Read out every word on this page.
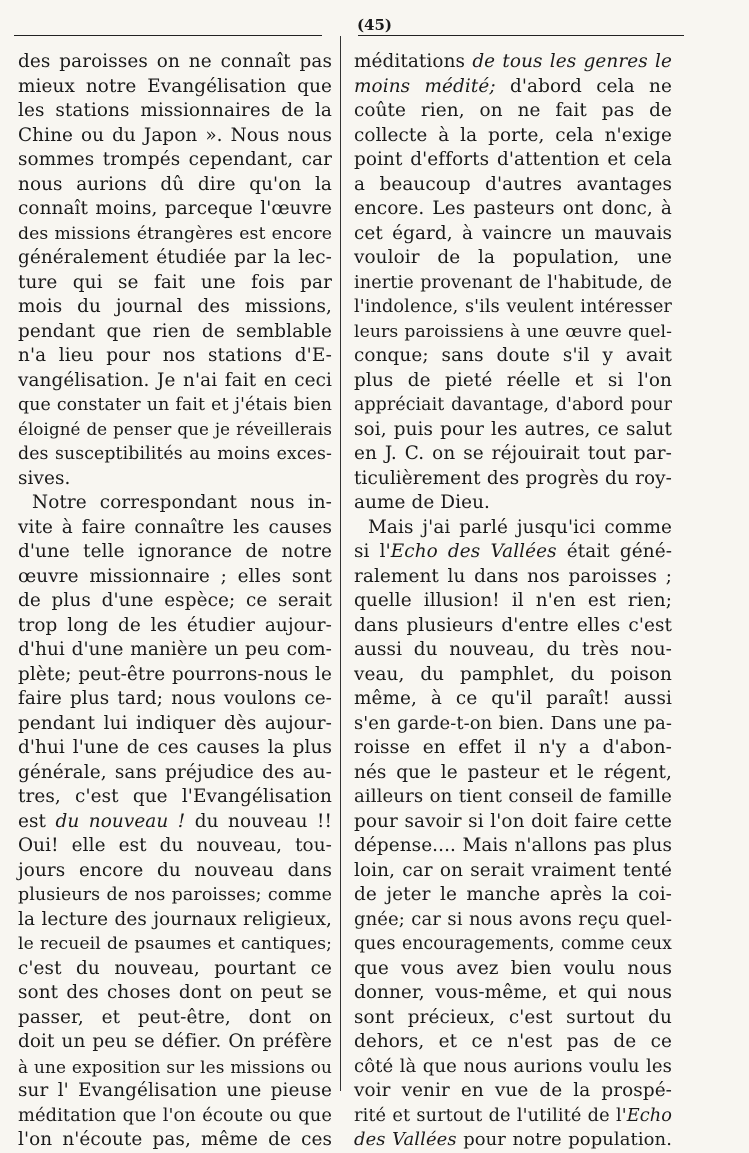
(45)
des paroisses on ne connaît pas
mieux notre Evangélisation que
les stations missionnaires de la
Chine ou du Japon ». Nous nous
sommes trompés cependant, car
nous aurions dû dire qu'on la
connaît moins, parceque l'œuvre
des missions étrangères est encore
généralement étudiée par la lec-
ture qui se fait une fois par
mois du journal des missions,
pendant que rien de semblable
n'a lieu pour nos stations d'E-
vangélisation. Je n'ai fait en ceci
que constater un fait et j'étais bien
éloigné de penser que je réveillerais
des susceptibilités au moins exces-
sives.
Notre correspondant nous in-
vite à faire connaître les causes
d'une telle ignorance de notre
œuvre missionnaire ; elles sont
de plus d'une espèce; ce serait
trop long de les étudier aujour-
d'hui d'une manière un peu com-
plète; peut-être pourrons-nous le
faire plus tard; nous voulons ce-
pendant lui indiquer dès aujour-
d'hui l'une de ces causes la plus
générale, sans préjudice des au-
tres, c'est que l'Evangélisation
est du nouveau ! du nouveau !!
Oui! elle est du nouveau, tou-
jours encore du nouveau dans
plusieurs de nos paroisses; comme
la lecture des journaux religieux,
le recueil de psaumes et cantiques;
c'est du nouveau, pourtant ce
sont des choses dont on peut se
passer, et peut-être, dont on
doit un peu se défier. On préfère
à une exposition sur les missions ou
sur l' Evangélisation une pieuse
méditation que l'on écoute ou que
l'on n'écoute pas, même de ces
méditations de tous les genres le
moins médité; d'abord cela ne
coûte rien, on ne fait pas de
collecte à la porte, cela n'exige
point d'efforts d'attention et cela
a beaucoup d'autres avantages
encore. Les pasteurs ont donc, à
cet égard, à vaincre un mauvais
vouloir de la population, une
inertie provenant de l'habitude, de
l'indolence, s'ils veulent intéresser
leurs paroissiens à une œuvre quel-
conque; sans doute s'il y avait
plus de pieté réelle et si l'on
appréciait davantage, d'abord pour
soi, puis pour les autres, ce salut
en J. C. on se réjouirait tout par-
ticulièrement des progrès du roy-
aume de Dieu.
Mais j'ai parlé jusqu'ici comme
si l'Echo des Vallées était géné-
ralement lu dans nos paroisses ;
quelle illusion! il n'en est rien;
dans plusieurs d'entre elles c'est
aussi du nouveau, du très nou-
veau, du pamphlet, du poison
même, à ce qu'il paraît! aussi
s'en garde-t-on bien. Dans une pa-
roisse en effet il n'y a d'abon-
nés que le pasteur et le régent,
ailleurs on tient conseil de famille
pour savoir si l'on doit faire cette
dépense.... Mais n'allons pas plus
loin, car on serait vraiment tenté
de jeter le manche après la coi-
gnée; car si nous avons reçu quel-
ques encouragements, comme ceux
que vous avez bien voulu nous
donner, vous-même, et qui nous
sont précieux, c'est surtout du
dehors, et ce n'est pas de ce
côté là que nous aurions voulu les
voir venir en vue de la prospé-
rité et surtout de l'utilité de l'Echo
des Vallées pour notre population.
